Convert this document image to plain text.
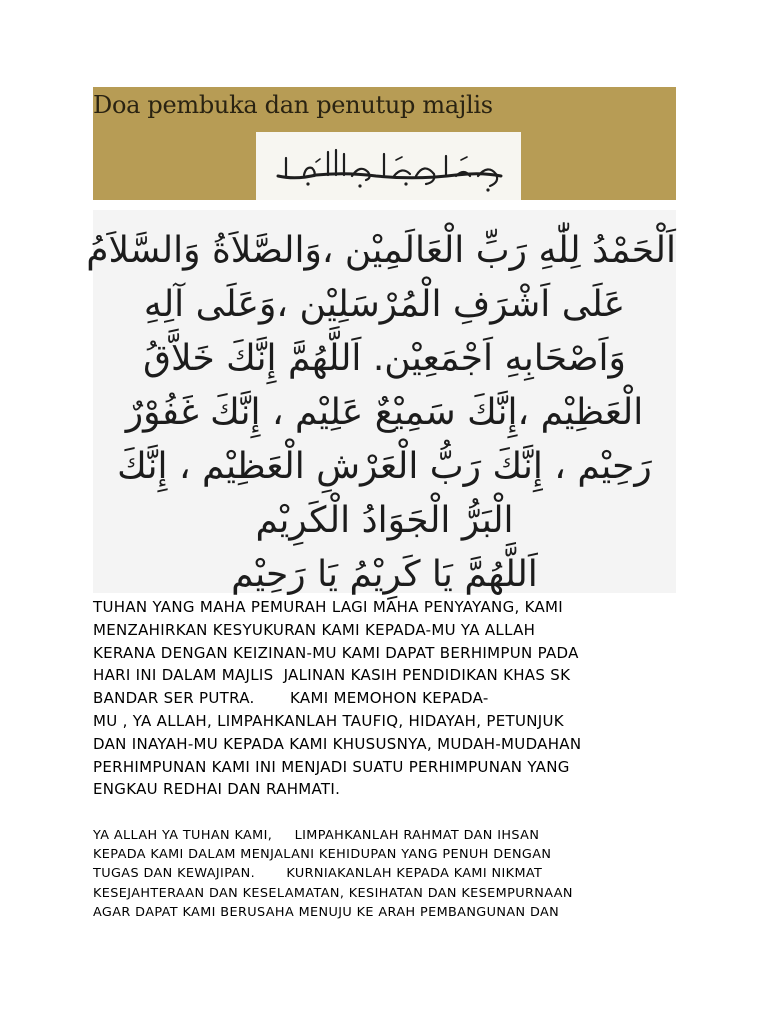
Doa pembuka dan penutup majlis
اَلْحَمْدُ لِلّٰهِ رَبِّ الْعَالَمِيْن ،وَالصَّلاَةُ وَالسَّلاَمُ
عَلَى اَشْرَفِ الْمُرْسَلِيْن ،وَعَلَى آلِهِ
وَاَصْحَابِهِ اَجْمَعِيْن. اَللَّهُمَّ إِنَّكَ خَلاَّقُ
الْعَظِيْم ،إِنَّكَ سَمِيْعٌ عَلِيْم ، إِنَّكَ غَفُوْرٌ
رَحِيْم ، إِنَّكَ رَبُّ الْعَرْشِ الْعَظِيْم ، إِنَّكَ
الْبَرُّ الْجَوَادُ الْكَرِيْم
اَللَّهُمَّ يَا كَرِيْمُ يَا رَحِيْم
TUHAN YANG MAHA PEMURAH LAGI MAHA PENYAYANG, KAMI
MENZAHIRKAN KESYUKURAN KAMI KEPADA-MU YA ALLAH
KERANA DENGAN KEIZINAN-MU KAMI DAPAT BERHIMPUN PADA
HARI INI DALAM MAJLIS  JALINAN KASIH PENDIDIKAN KHAS SK
BANDAR SER PUTRA.       KAMI MEMOHON KEPADA-
MU , YA ALLAH, LIMPAHKANLAH TAUFIQ, HIDAYAH, PETUNJUK
DAN INAYAH-MU KEPADA KAMI KHUSUSNYA, MUDAH-MUDAHAN
PERHIMPUNAN KAMI INI MENJADI SUATU PERHIMPUNAN YANG
ENGKAU REDHAI DAN RAHMATI.
YA ALLAH YA TUHAN KAMI,     LIMPAHKANLAH RAHMAT DAN IHSAN
KEPADA KAMI DALAM MENJALANI KEHIDUPAN YANG PENUH DENGAN
TUGAS DAN KEWAJIPAN.       KURNIAKANLAH KEPADA KAMI NIKMAT
KESEJAHTERAAN DAN KESELAMATAN, KESIHATAN DAN KESEMPURNAAN
AGAR DAPAT KAMI BERUSAHA MENUJU KE ARAH PEMBANGUNAN DAN
